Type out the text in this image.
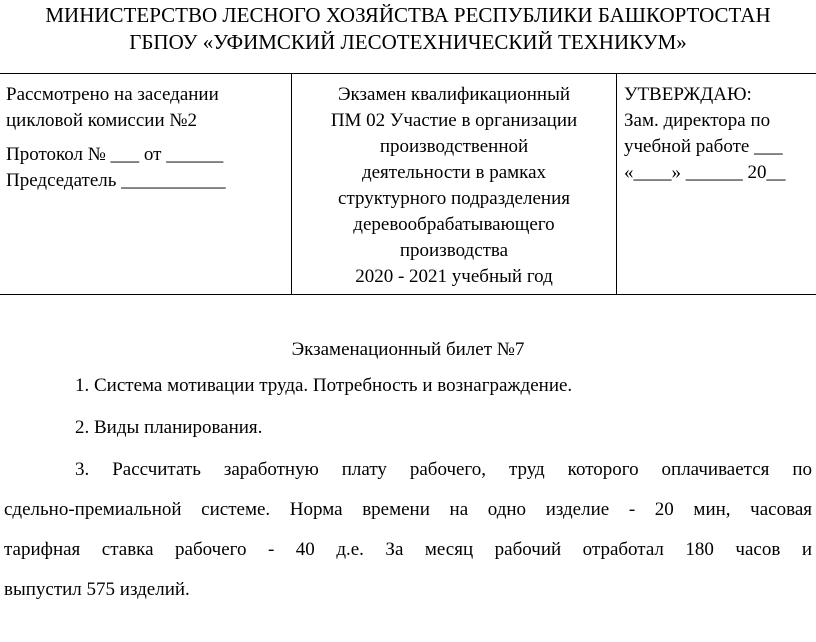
МИНИСТЕРСТВО ЛЕСНОГО ХОЗЯЙСТВА РЕСПУБЛИКИ БАШКОРТОСТАН
ГБПОУ «УФИМСКИЙ ЛЕСОТЕХНИЧЕСКИЙ ТЕХНИКУМ»
Рассмотрено на заседании
цикловой комиссии №2
Протокол № ___ от ______
Председатель ___________
Экзамен квалификационный
ПМ 02 Участие в организации
производственной
деятельности в рамках
структурного подразделения
деревообрабатывающего
производства
2020 - 2021 учебный год
УТВЕРЖДАЮ:
Зам. директора по
учебной работе ___
«____» ______ 20__
Экзаменационный билет №7
1. Система мотивации труда. Потребность и вознаграждение.
2. Виды планирования.
3. Рассчитать заработную плату рабочего, труд которого оплачивается по
сдельно-премиальной системе. Норма времени на одно изделие - 20 мин, часовая
тарифная ставка рабочего - 40 д.е. За месяц рабочий отработал 180 часов и
выпустил 575 изделий.
